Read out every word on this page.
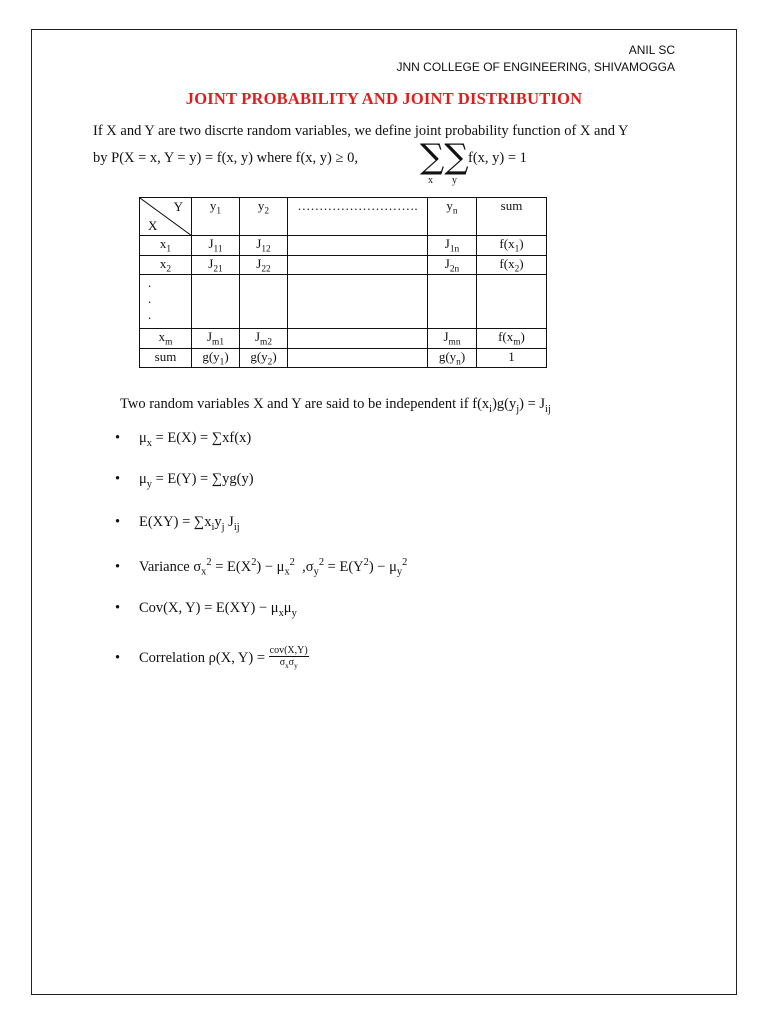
ANIL SC
JNN COLLEGE OF ENGINEERING, SHIVAMOGGA
JOINT PROBABILITY AND JOINT DISTRIBUTION
If X and Y are two discrte random variables, we define joint probability function of X and Y
by P(X = x, Y = y) = f(x, y) where f(x, y) ≥ 0, ∑∑
x y
f(x, y) = 1
Y
X	$y_1$	$y_2$	……………………….	$y_n$	sum
$x_1$	$J_{11}$	$J_{12}$		$J_{1n}$	$f(x_1)$
$x_2$	$J_{21}$	$J_{22}$		$J_{2n}$	$f(x_2)$

.
.
.					

$x_m$	$J_{m1}$	$J_{m2}$		$J_{mn}$	$f(x_m)$
sum	$g(y_1)$	$g(y_2)$		$g(y_n)$	1
Two random variables X and Y are said to be independent if $f(x_i)g(y_j) = J_{ij}$
• $\mu_x = E(X) = \sum xf(x)$
• $\mu_y = E(Y) = \sum yg(y)$
• $E(XY) = \sum x_iy_j$ $J_{ij}$
• Variance $\sigma_x^2 = E(X^2) - \mu_x^2$  $,\sigma_y^2 = E(Y^2) - \mu_y^2$
• Cov(X, $Y) = E(XY) - \mu_x\mu_y$
• Correlation ρ(X, $Y) = \frac{\text{cov(X,Y)}}{\sigma_x\sigma_y}$
